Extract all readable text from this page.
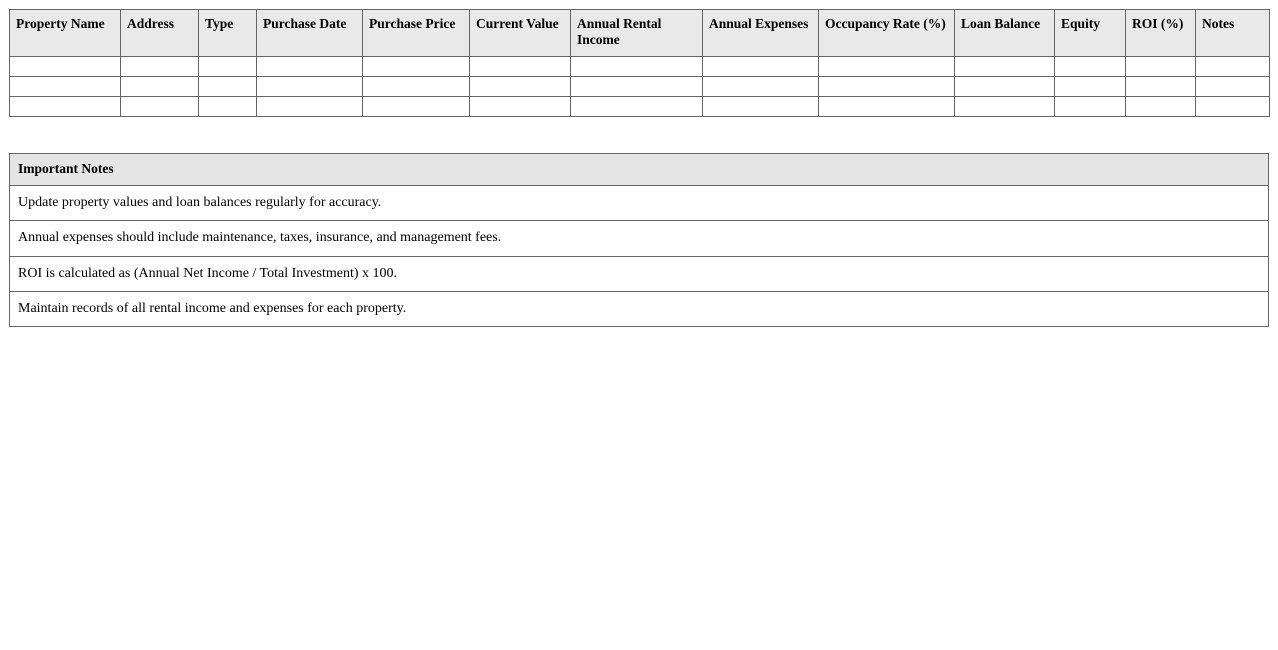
Property Name	Address	Type	Purchase Date	Purchase Price	Current Value	Annual Rental Income	Annual Expenses	Occupancy Rate (%)	Loan Balance	Equity	ROI (%)	Notes

Important Notes
Update property values and loan balances regularly for accuracy.
Annual expenses should include maintenance, taxes, insurance, and management fees.
ROI is calculated as (Annual Net Income / Total Investment) x 100.
Maintain records of all rental income and expenses for each property.
